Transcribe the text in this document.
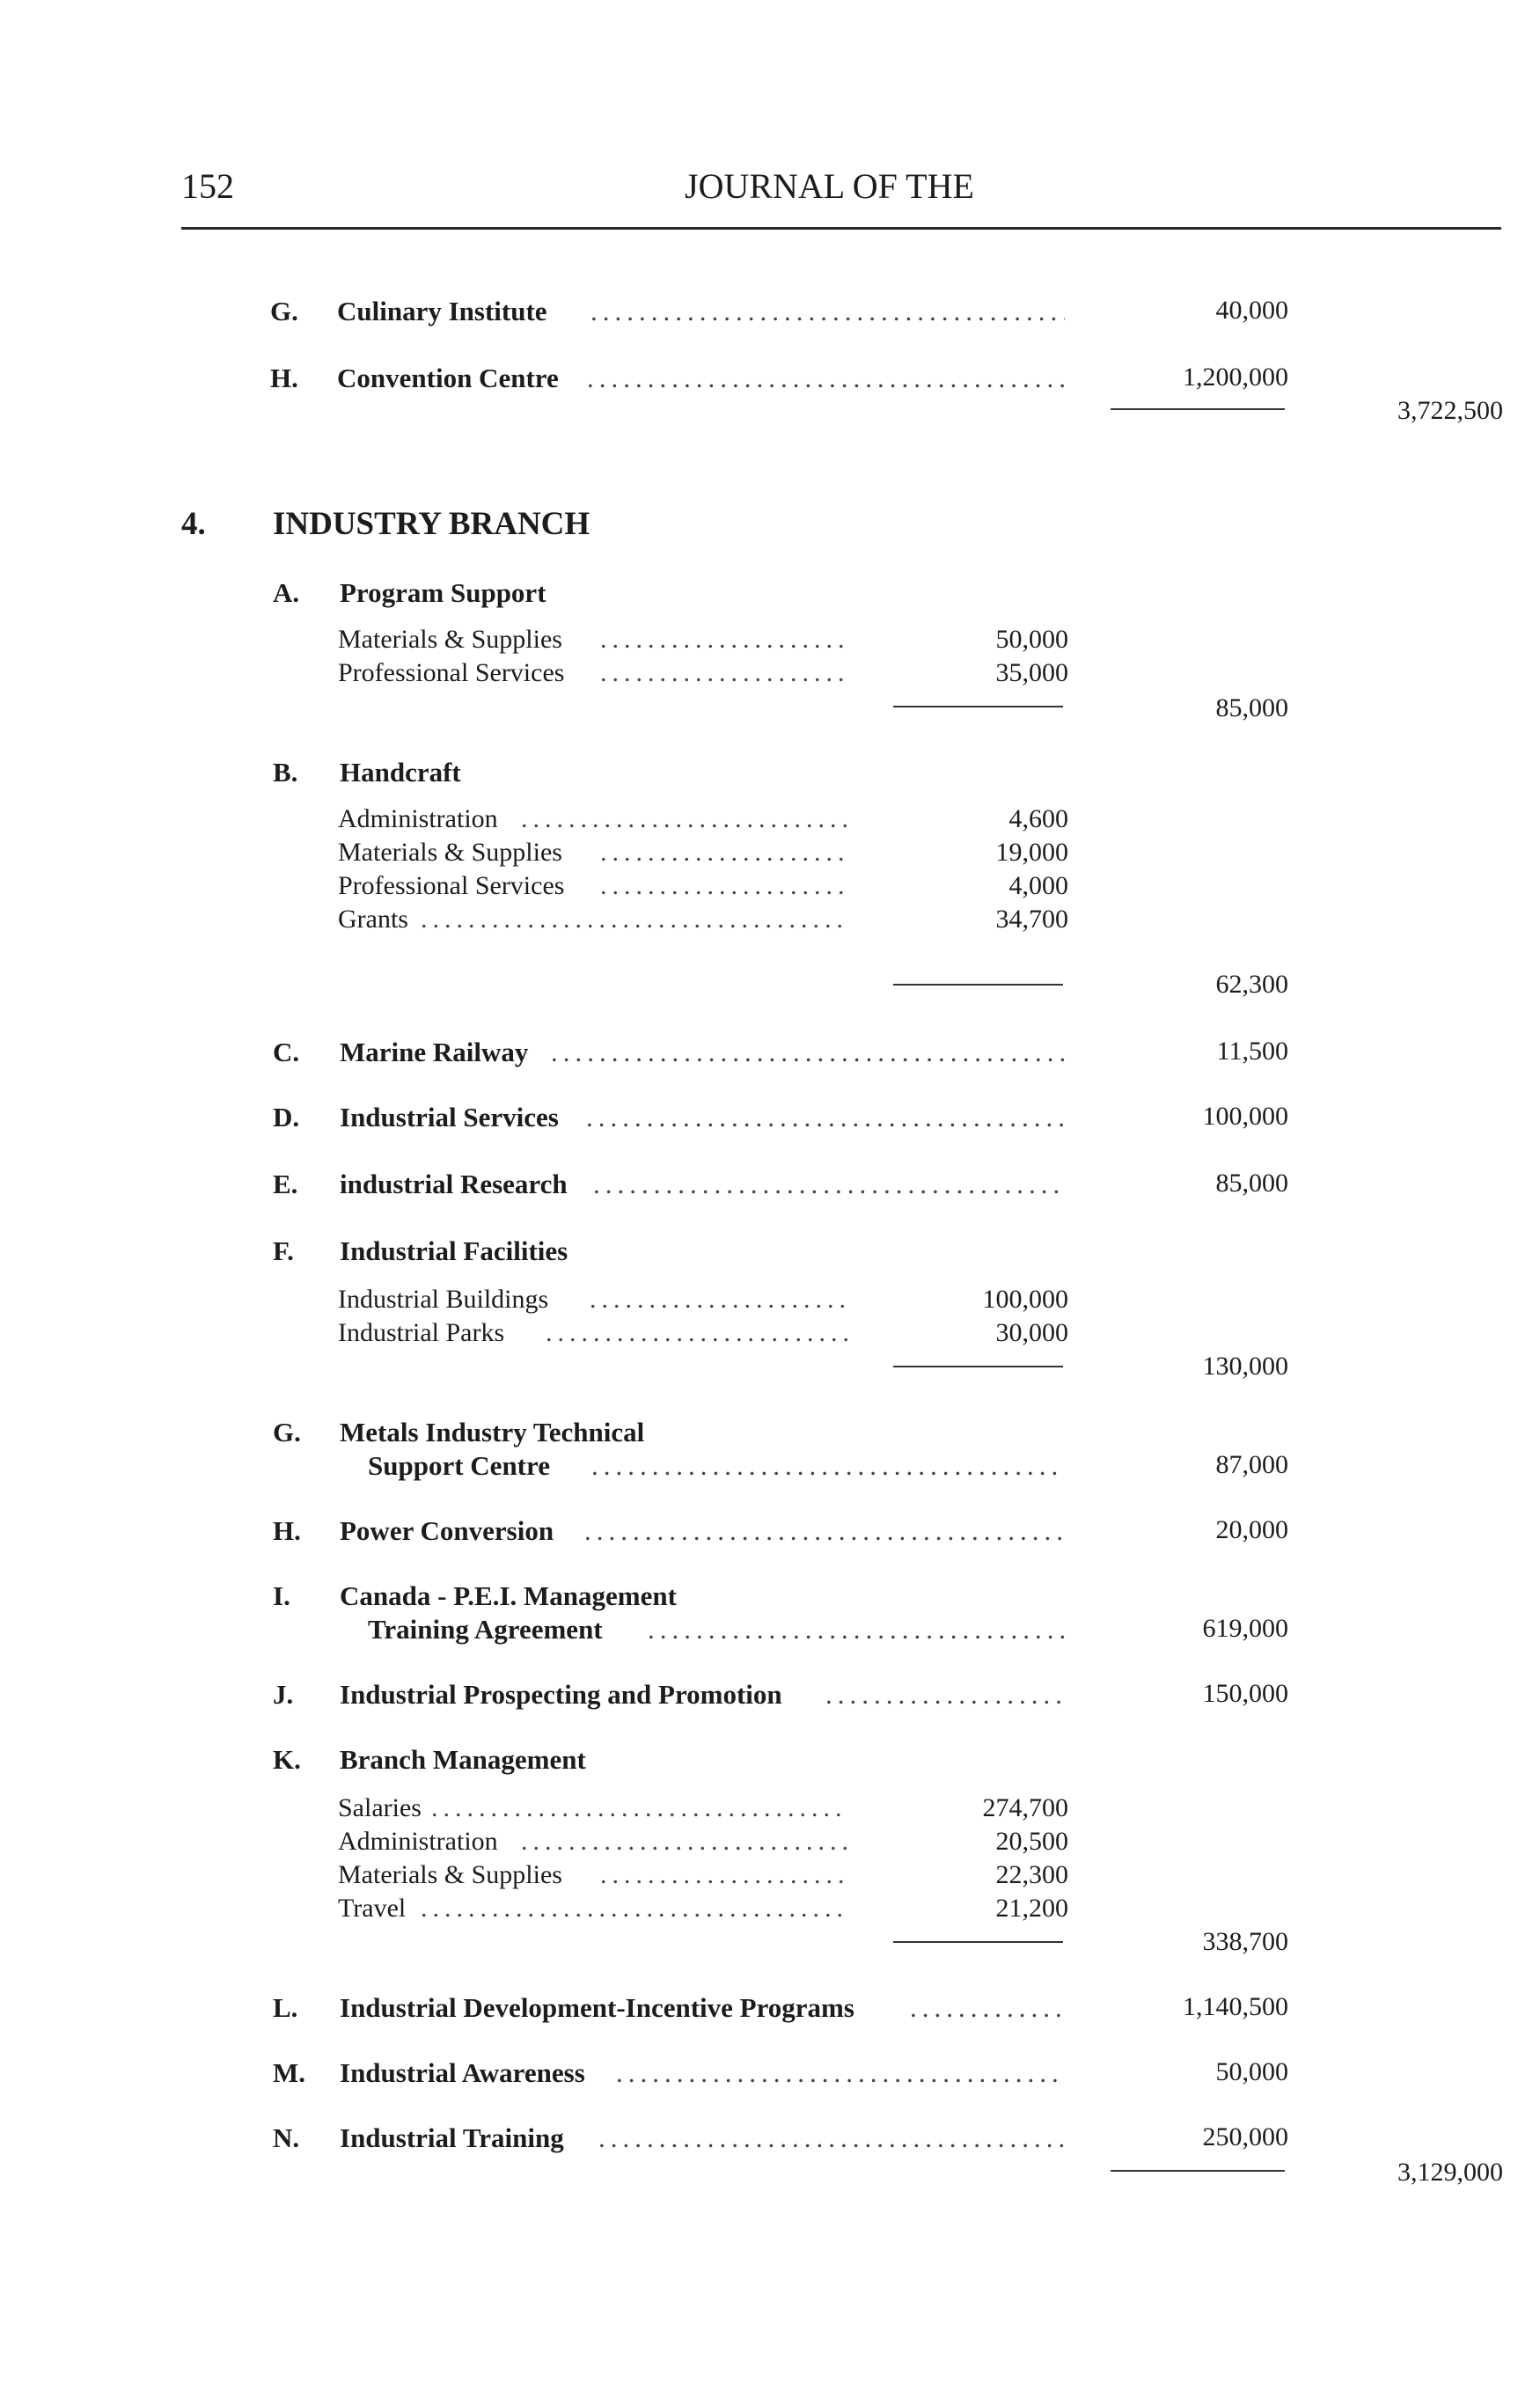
152	JOURNAL OF THE
G. Culinary Institute .....	40,000
H. Convention Centre .....	1,200,000
3,722,500
4. INDUSTRY BRANCH
A. Program Support
Materials & Supplies .....	50,000
Professional Services .....	35,000
85,000
B. Handcraft
Administration .....	4,600
Materials & Supplies .....	19,000
Professional Services .....	4,000
Grants .....	34,700
62,300
C. Marine Railway .....	11,500
D. Industrial Services .....	100,000
E. industrial Research .....	85,000
F. Industrial Facilities
Industrial Buildings .....	100,000
Industrial Parks .....	30,000
130,000
G. Metals Industry Technical
Support Centre .....	87,000
H. Power Conversion .....	20,000
I. Canada - P.E.I. Management
Training Agreement .....	619,000
J. Industrial Prospecting and Promotion .....	150,000
K. Branch Management
Salaries .....	274,700
Administration .....	20,500
Materials & Supplies .....	22,300
Travel .....	21,200
338,700
L. Industrial Development-Incentive Programs .....	1,140,500
M. Industrial Awareness .....	50,000
N. Industrial Training .....	250,000
3,129,000
